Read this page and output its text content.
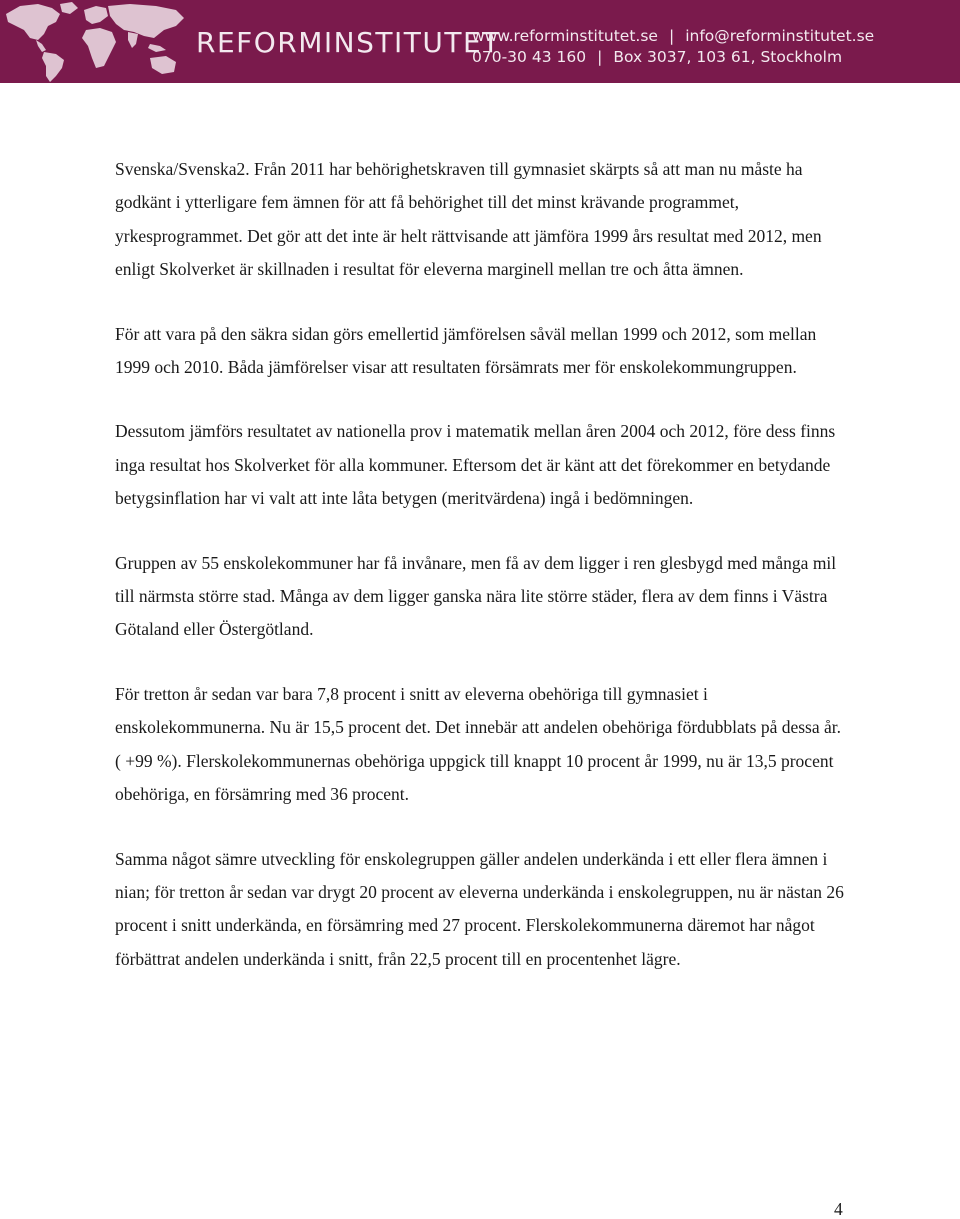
REFORMINSTITUTET
www.reforminstitutet.se | info@reforminstitutet.se
070-30 43 160 | Box 3037, 103 61, Stockholm

Svenska/Svenska2. Från 2011 har behörighetskraven till gymnasiet skärpts så att man nu måste ha godkänt i ytterligare fem ämnen för att få behörighet till det minst krävande programmet, yrkesprogrammet. Det gör att det inte är helt rättvisande att jämföra 1999 års resultat med 2012, men enligt Skolverket är skillnaden i resultat för eleverna marginell mellan tre och åtta ämnen.

För att vara på den säkra sidan görs emellertid jämförelsen såväl mellan 1999 och 2012, som mellan 1999 och 2010. Båda jämförelser visar att resultaten försämrats mer för enskolekommungruppen.

Dessutom jämförs resultatet av nationella prov i matematik mellan åren 2004 och 2012, före dess finns inga resultat hos Skolverket för alla kommuner. Eftersom det är känt att det förekommer en betydande betygsinflation har vi valt att inte låta betygen (meritvärdena) ingå i bedömningen.

Gruppen av 55 enskolekommuner har få invånare, men få av dem ligger i ren glesbygd med många mil till närmsta större stad. Många av dem ligger ganska nära lite större städer, flera av dem finns i Västra Götaland eller Östergötland.

För tretton år sedan var bara 7,8 procent i snitt av eleverna obehöriga till gymnasiet i enskolekommunerna. Nu är 15,5 procent det. Det innebär att andelen obehöriga fördubblats på dessa år. ( +99 %). Flerskolekommunernas obehöriga uppgick till knappt 10 procent år 1999, nu är 13,5 procent obehöriga, en försämring med 36 procent.

Samma något sämre utveckling för enskolegruppen gäller andelen underkända i ett eller flera ämnen i nian; för tretton år sedan var drygt 20 procent av eleverna underkända i enskolegruppen, nu är nästan 26 procent i snitt underkända, en försämring med 27 procent. Flerskolekommunerna däremot har något förbättrat andelen underkända i snitt, från 22,5 procent till en procentenhet lägre.

4
